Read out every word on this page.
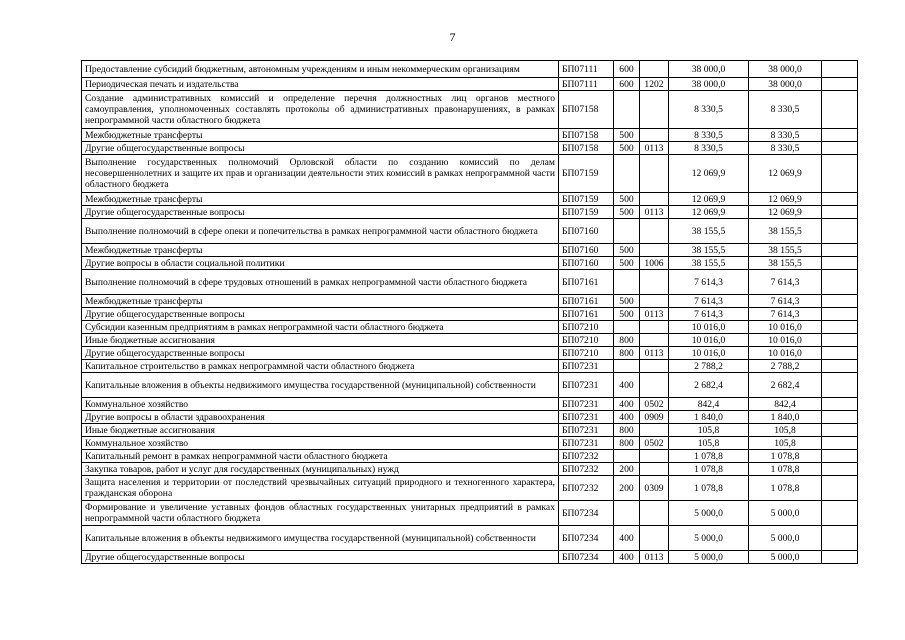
7
Предоставление субсидий бюджетным, автономным учреждениям и иным некоммерческим организациям	БП07111	600		38 000,0	38 000,0	
Периодическая печать и издательства	БП07111	600	1202	38 000,0	38 000,0	
Создание административных комиссий и определение перечня должностных лиц органов местного самоуправления, уполномоченных составлять протоколы об административных правонарушениях, в рамках непрограммной части областного бюджета	БП07158			8 330,5	8 330,5	
Межбюджетные трансферты	БП07158	500		8 330,5	8 330,5	
Другие общегосударственные вопросы	БП07158	500	0113	8 330,5	8 330,5	
Выполнение государственных полномочий Орловской области по созданию комиссий по делам несовершеннолетних и защите их прав и организации деятельности этих комиссий в рамках непрограммной части областного бюджета	БП07159			12 069,9	12 069,9	
Межбюджетные трансферты	БП07159	500		12 069,9	12 069,9	
Другие общегосударственные вопросы	БП07159	500	0113	12 069,9	12 069,9	
Выполнение полномочий в сфере опеки и попечительства в рамках непрограммной части областного бюджета	БП07160			38 155,5	38 155,5	
Межбюджетные трансферты	БП07160	500		38 155,5	38 155,5	
Другие вопросы в области социальной политики	БП07160	500	1006	38 155,5	38 155,5	
Выполнение полномочий в сфере трудовых отношений в рамках непрограммной части областного бюджета	БП07161			7 614,3	7 614,3	
Межбюджетные трансферты	БП07161	500		7 614,3	7 614,3	
Другие общегосударственные вопросы	БП07161	500	0113	7 614,3	7 614,3	
Субсидии казенным предприятиям в рамках непрограммной части областного бюджета	БП07210			10 016,0	10 016,0	
Иные бюджетные ассигнования	БП07210	800		10 016,0	10 016,0	
Другие общегосударственные вопросы	БП07210	800	0113	10 016,0	10 016,0	
Капитальное строительство в рамках непрограммной части областного бюджета	БП07231			2 788,2	2 788,2	
Капитальные вложения в объекты недвижимого имущества государственной (муниципальной) собственности	БП07231	400		2 682,4	2 682,4	
Коммунальное хозяйство	БП07231	400	0502	842,4	842,4	
Другие вопросы в области здравоохранения	БП07231	400	0909	1 840,0	1 840,0	
Иные бюджетные ассигнования	БП07231	800		105,8	105,8	
Коммунальное хозяйство	БП07231	800	0502	105,8	105,8	
Капитальный ремонт в рамках непрограммной части областного бюджета	БП07232			1 078,8	1 078,8	
Закупка товаров, работ и услуг для государственных (муниципальных) нужд	БП07232	200		1 078,8	1 078,8	
Защита населения и территории от последствий чрезвычайных ситуаций природного и техногенного характера, гражданская оборона	БП07232	200	0309	1 078,8	1 078,8	
Формирование и увеличение уставных фондов областных государственных унитарных предприятий в рамках непрограммной части областного бюджета	БП07234			5 000,0	5 000,0	
Капитальные вложения в объекты недвижимого имущества государственной (муниципальной) собственности	БП07234	400		5 000,0	5 000,0	
Другие общегосударственные вопросы	БП07234	400	0113	5 000,0	5 000,0	
